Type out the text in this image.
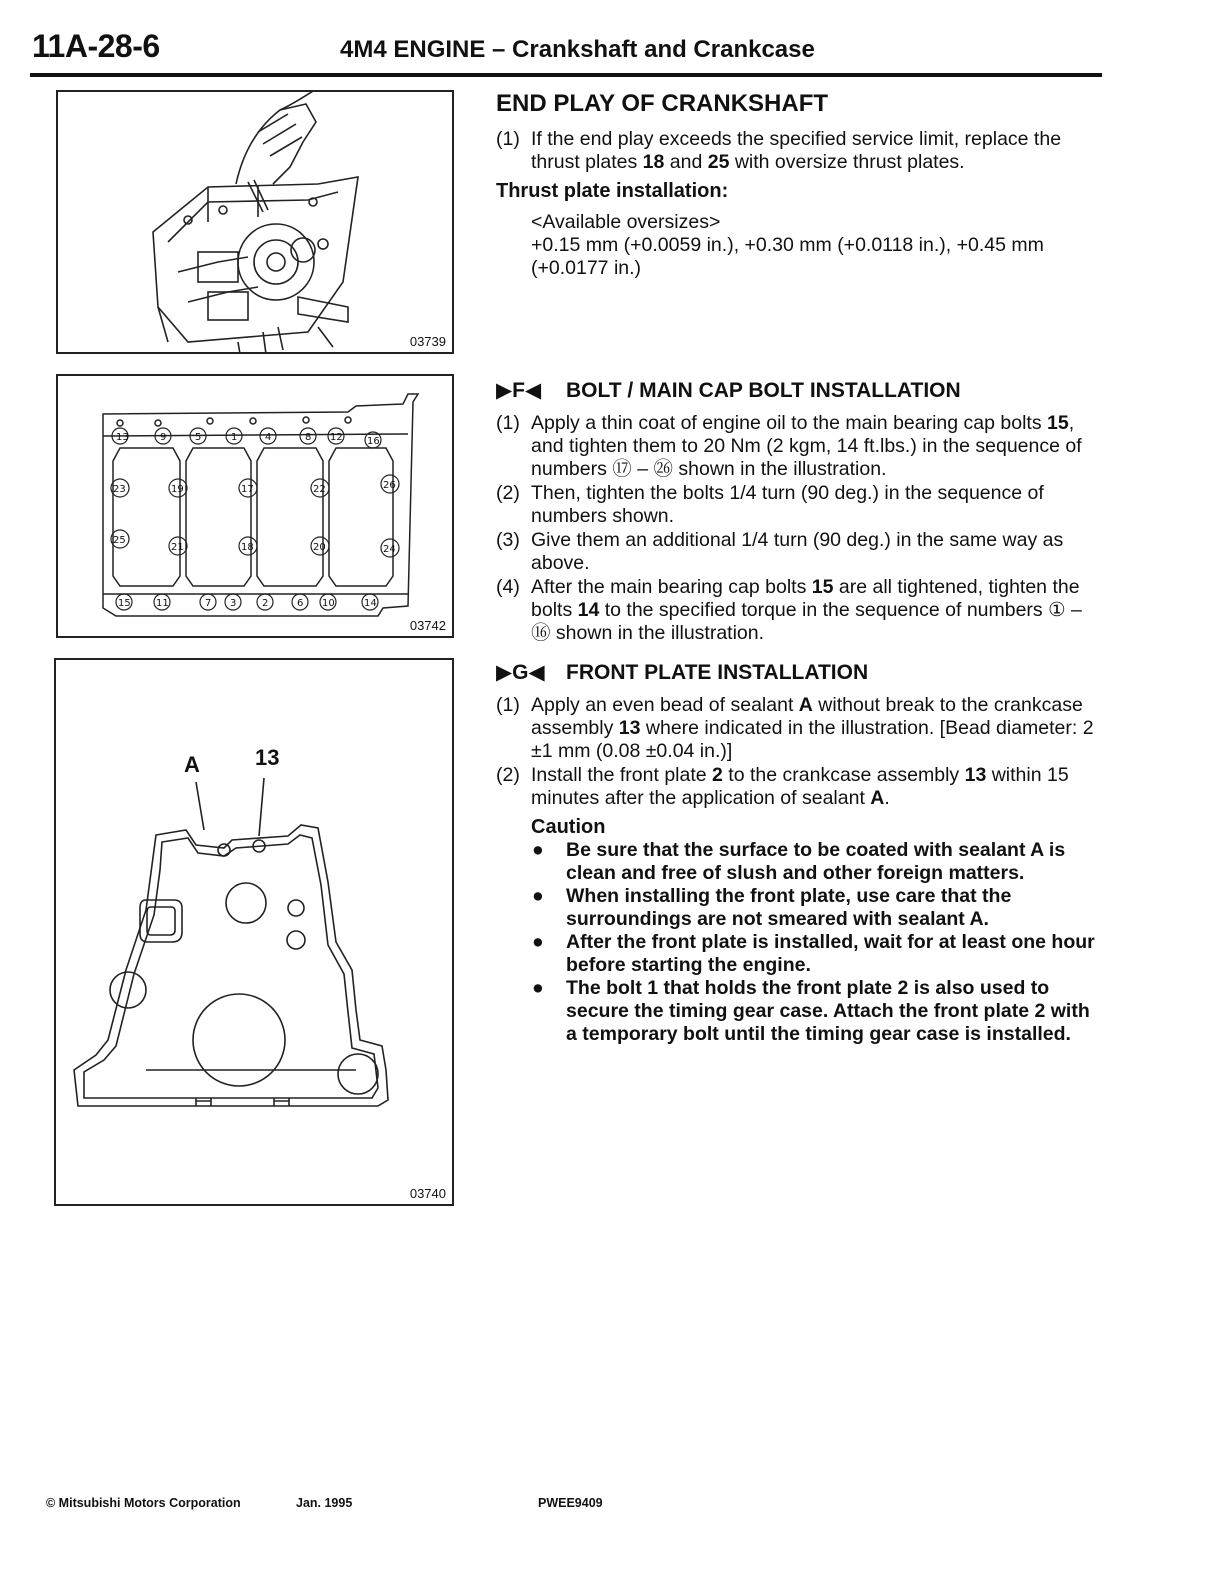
11A-28-6	4M4 ENGINE – Crankshaft and Crankcase
03739
13	9	5	1	4	8 12 16
23	19	17	22	26
25
21	18	20	24
15	11	7 3	2	6 10	14
03742
A	13
03740
END PLAY OF CRANKSHAFT
(1) If the end play exceeds the specified service limit, replace the thrust plates 18 and 25 with oversize thrust plates.
Thrust plate installation:
<Available oversizes>
+0.15 mm (+0.0059 in.), +0.30 mm (+0.0118 in.), +0.45 mm (+0.0177 in.)
▶F◀ BOLT / MAIN CAP BOLT INSTALLATION
(1) Apply a thin coat of engine oil to the main bearing cap bolts 15, and tighten them to 20 Nm (2 kgm, 14 ft.lbs.) in the sequence of numbers ⑰ – ㉖ shown in the illustration.
(2) Then, tighten the bolts 1/4 turn (90 deg.) in the sequence of numbers shown.
(3) Give them an additional 1/4 turn (90 deg.) in the same way as above.
(4) After the main bearing cap bolts 15 are all tightened, tighten the bolts 14 to the specified torque in the sequence of numbers ① – ⑯ shown in the illustration.
▶G◀ FRONT PLATE INSTALLATION
(1) Apply an even bead of sealant A without break to the crankcase assembly 13 where indicated in the illustration. [Bead diameter: 2 ±1 mm (0.08 ±0.04 in.)]
(2) Install the front plate 2 to the crankcase assembly 13 within 15 minutes after the application of sealant A.
Caution
● Be sure that the surface to be coated with sealant A is clean and free of slush and other foreign matters.
● When installing the front plate, use care that the surroundings are not smeared with sealant A.
● After the front plate is installed, wait for at least one hour before starting the engine.
● The bolt 1 that holds the front plate 2 is also used to secure the timing gear case. Attach the front plate 2 with a temporary bolt until the timing gear case is installed.
© Mitsubishi Motors Corporation	Jan. 1995	PWEE9409
